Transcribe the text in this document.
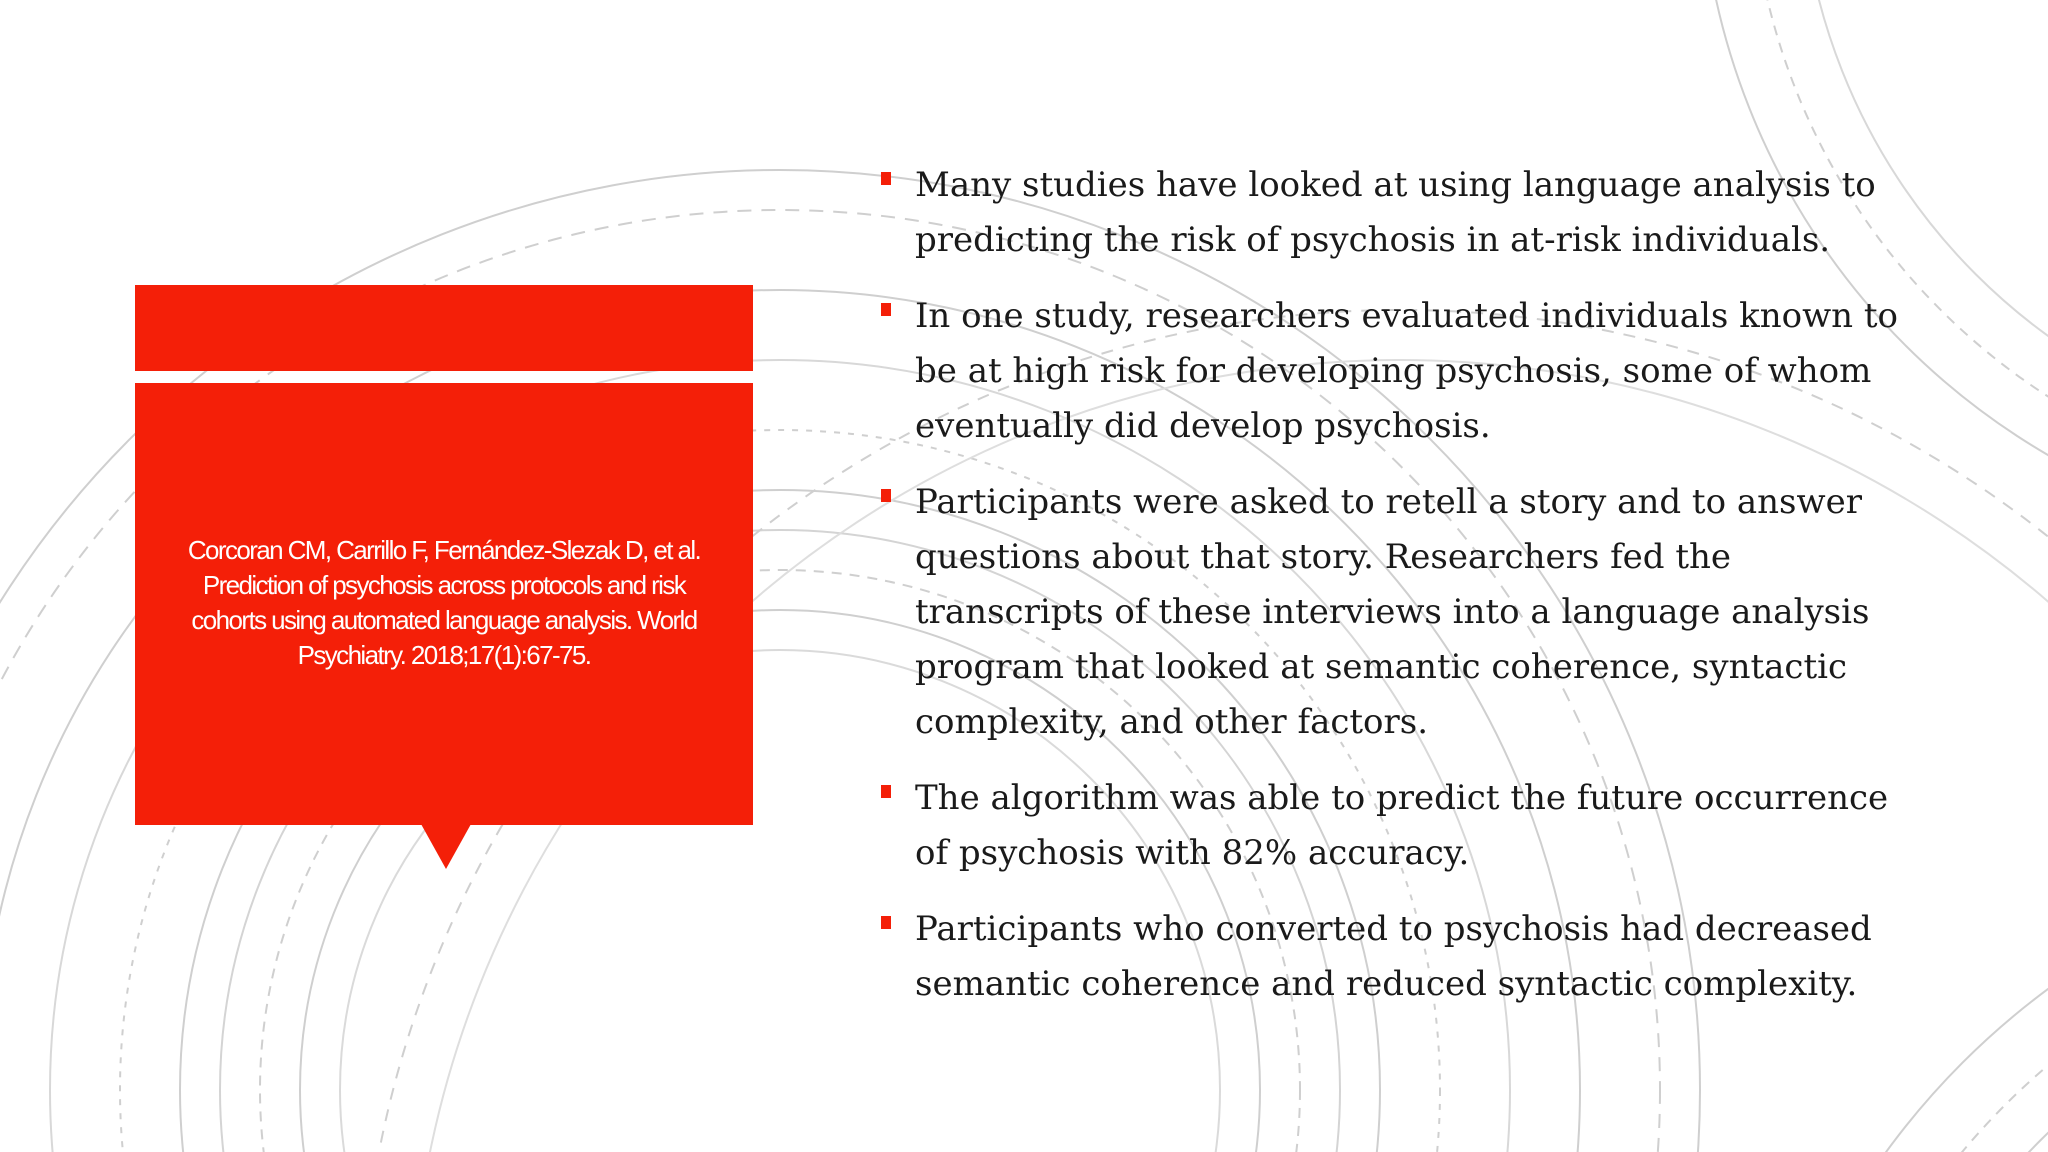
Corcoran CM, Carrillo F, Fernández-Slezak D, et al. Prediction of psychosis across protocols and risk cohorts using automated language analysis. World Psychiatry. 2018;17(1):67-75.

Many studies have looked at using language analysis to predicting the risk of psychosis in at-risk individuals.
In one study, researchers evaluated individuals known to be at high risk for developing psychosis, some of whom eventually did develop psychosis.
Participants were asked to retell a story and to answer questions about that story. Researchers fed the transcripts of these interviews into a language analysis program that looked at semantic coherence, syntactic complexity, and other factors.
The algorithm was able to predict the future occurrence of psychosis with 82% accuracy.
Participants who converted to psychosis had decreased semantic coherence and reduced syntactic complexity.
